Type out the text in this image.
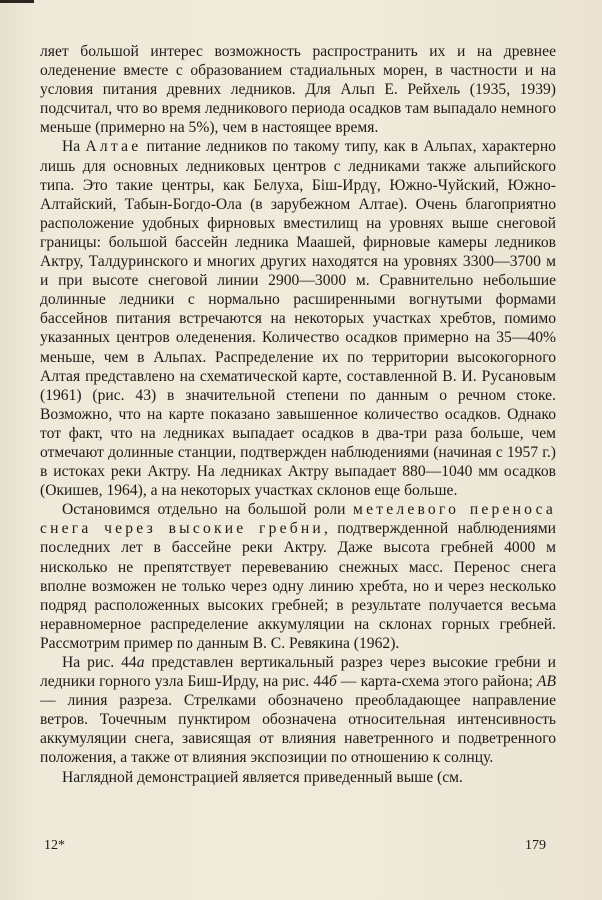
ляет большой интерес возможность распространить их и на древнее оледенение вместе с образованием стадиальных морен, в частности и на условия питания древних ледников. Для Альп Е. Рейхель (1935, 1939) подсчитал, что во время ледникового периода осадков там выпадало немного меньше (примерно на 5%), чем в настоящее время.

На Алтае питание ледников по такому типу, как в Альпах, характерно лишь для основных ледниковых центров с ледниками также альпийского типа. Это такие центры, как Белуха, Бiш-Ирдү, Южно-Чуйский, Южно-Алтайский, Табын-Богдо-Ола (в зарубежном Алтае). Очень благоприятно расположение удобных фирновых вместилищ на уровнях выше снеговой границы: большой бассейн ледника Маашей, фирновые камеры ледников Актру, Талдуринского и многих других находятся на уровнях 3300—3700 м и при высоте снеговой линии 2900—3000 м. Сравнительно небольшие долинные ледники с нормально расширенными вогнутыми формами бассейнов питания встречаются на некоторых участках хребтов, помимо указанных центров оледенения. Количество осадков примерно на 35—40% меньше, чем в Альпах. Распределение их по территории высокогорного Алтая представлено на схематической карте, составленной В. И. Русановым (1961) (рис. 43) в значительной степени по данным о речном стоке. Возможно, что на карте показано завышенное количество осадков. Однако тот факт, что на ледниках выпадает осадков в два-три раза больше, чем отмечают долинные станции, подтвержден наблюдениями (начиная с 1957 г.) в истоках реки Актру. На ледниках Актру выпадает 880—1040 мм осадков (Окишев, 1964), а на некоторых участках склонов еще больше.

Остановимся отдельно на большой роли метелевого переноса снега через высокие гребни, подтвержденной наблюдениями последних лет в бассейне реки Актру. Даже высота гребней 4000 м нисколько не препятствует перевеванию снежных масс. Перенос снега вполне возможен не только через одну линию хребта, но и через несколько подряд расположенных высоких гребней; в результате получается весьма неравномерное распределение аккумуляции на склонах горных гребней. Рассмотрим пример по данным В. С. Ревякина (1962).

На рис. 44а представлен вертикальный разрез через высокие гребни и ледники горного узла Биш-Ирду, на рис. 44б — карта-схема этого района; АВ — линия разреза. Стрелками обозначено преобладающее направление ветров. Точечным пунктиром обозначена относительная интенсивность аккумуляции снега, зависящая от влияния наветренного и подветренного положения, а также от влияния экспозиции по отношению к солнцу.

Наглядной демонстрацией является приведенный выше (см.

12*	179
